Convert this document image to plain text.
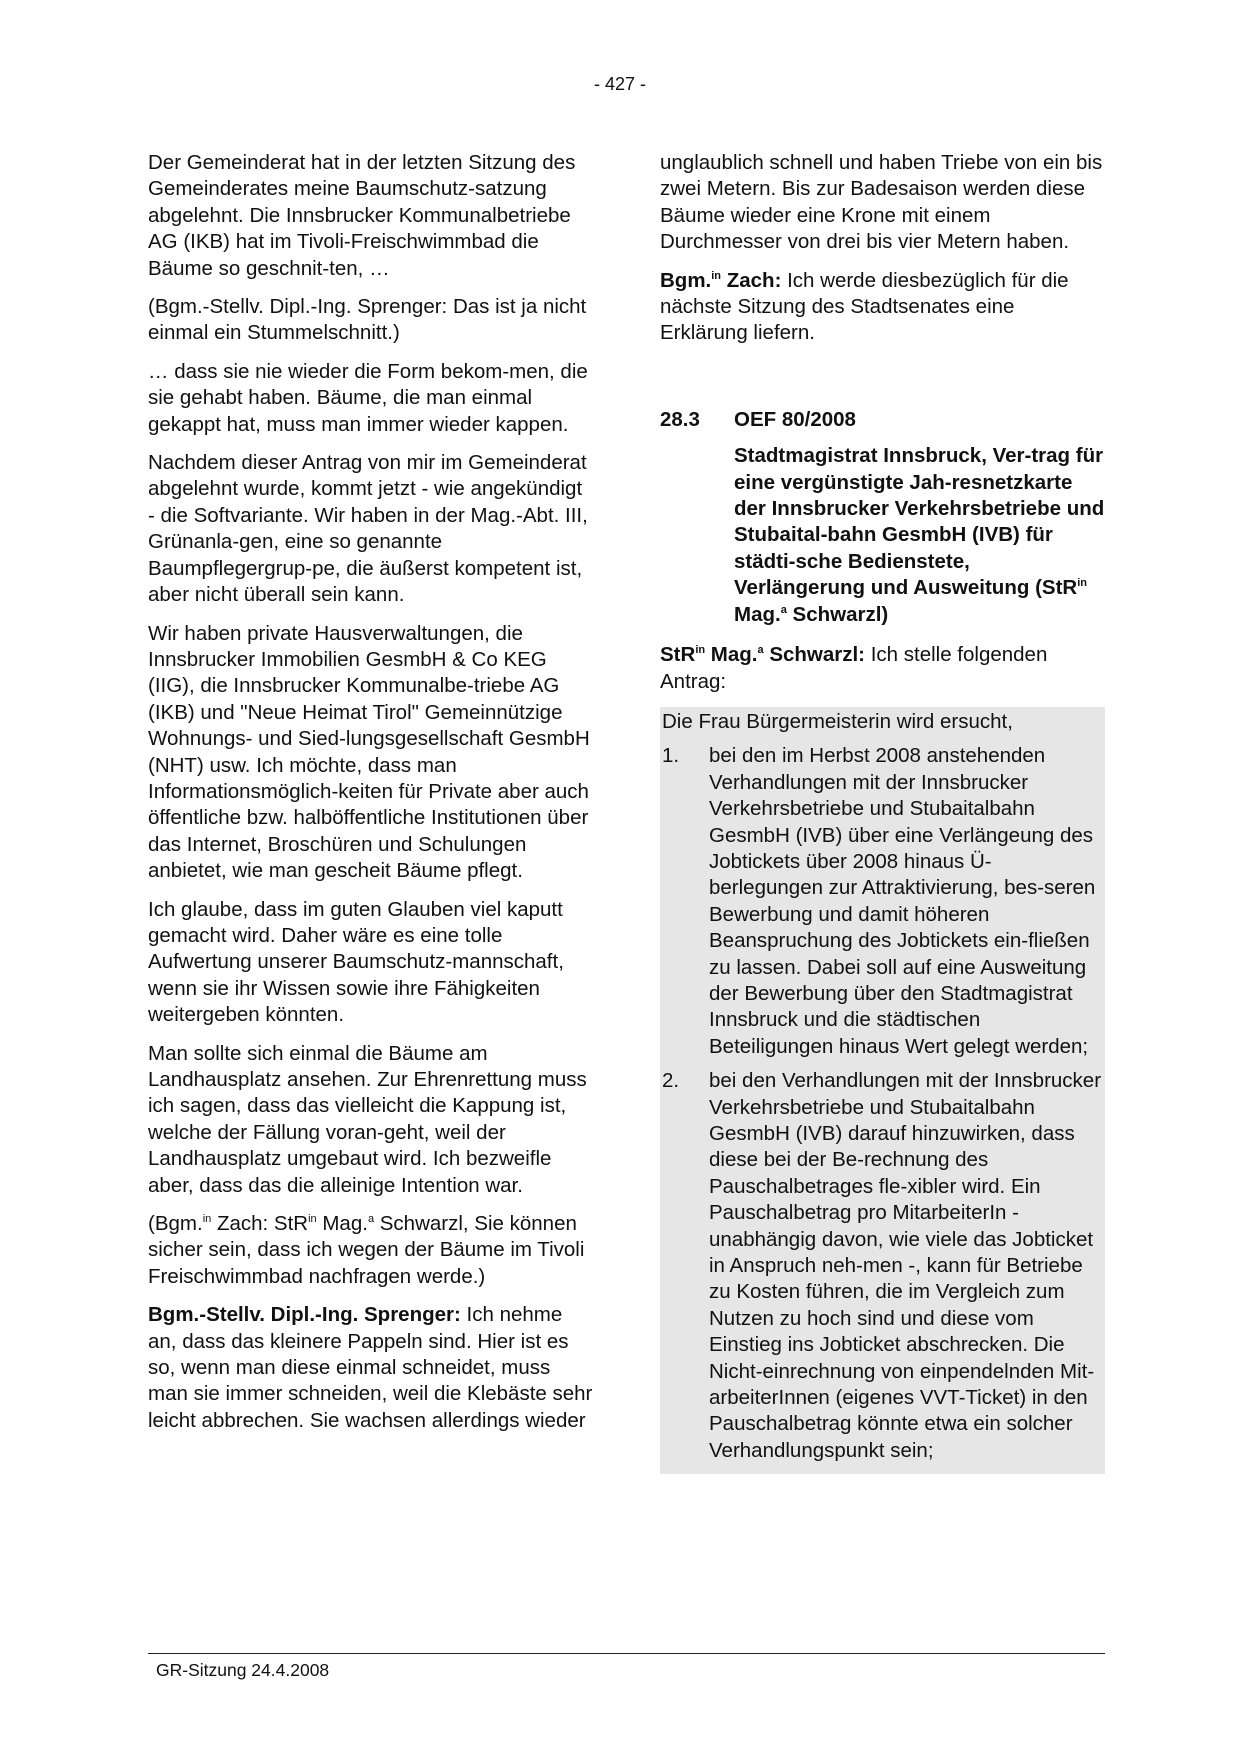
- 427 -

Der Gemeinderat hat in der letzten Sitzung des Gemeinderates meine Baumschutz-satzung abgelehnt. Die Innsbrucker Kommunalbetriebe AG (IKB) hat im Tivoli-Freischwimmbad die Bäume so geschnit-ten, …

(Bgm.-Stellv. Dipl.-Ing. Sprenger: Das ist ja nicht einmal ein Stummelschnitt.)

… dass sie nie wieder die Form bekom-men, die sie gehabt haben. Bäume, die man einmal gekappt hat, muss man immer wieder kappen.

Nachdem dieser Antrag von mir im Gemeinderat abgelehnt wurde, kommt jetzt - wie angekündigt - die Softvariante. Wir haben in der Mag.-Abt. III, Grünanla-gen, eine so genannte Baumpflegergrup-pe, die äußerst kompetent ist, aber nicht überall sein kann.

Wir haben private Hausverwaltungen, die Innsbrucker Immobilien GesmbH & Co KEG (IIG), die Innsbrucker Kommunalbe-triebe AG (IKB) und "Neue Heimat Tirol" Gemeinnützige Wohnungs- und Sied-lungsgesellschaft GesmbH (NHT) usw. Ich möchte, dass man Informationsmöglich-keiten für Private aber auch öffentliche bzw. halböffentliche Institutionen über das Internet, Broschüren und Schulungen anbietet, wie man gescheit Bäume pflegt.

Ich glaube, dass im guten Glauben viel kaputt gemacht wird. Daher wäre es eine tolle Aufwertung unserer Baumschutz-mannschaft, wenn sie ihr Wissen sowie ihre Fähigkeiten weitergeben könnten.

Man sollte sich einmal die Bäume am Landhausplatz ansehen. Zur Ehrenrettung muss ich sagen, dass das vielleicht die Kappung ist, welche der Fällung voran-geht, weil der Landhausplatz umgebaut wird. Ich bezweifle aber, dass das die alleinige Intention war.

(Bgm.$^{in}$ Zach: StR$^{in}$ Mag.$^a$ Schwarzl, Sie können sicher sein, dass ich wegen der Bäume im Tivoli Freischwimmbad nachfragen werde.)

Bgm.-Stellv. Dipl.-Ing. Sprenger: Ich nehme an, dass das kleinere Pappeln sind. Hier ist es so, wenn man diese einmal schneidet, muss man sie immer schneiden, weil die Klebäste sehr leicht abbrechen. Sie wachsen allerdings wieder

unglaublich schnell und haben Triebe von ein bis zwei Metern. Bis zur Badesaison werden diese Bäume wieder eine Krone mit einem Durchmesser von drei bis vier Metern haben.

Bgm.$^{in}$ Zach: Ich werde diesbezüglich für die nächste Sitzung des Stadtsenates eine Erklärung liefern.

28.3	OEF 80/2008
Stadtmagistrat Innsbruck, Ver-trag für eine vergünstigte Jah-resnetzkarte der Innsbrucker Verkehrsbetriebe und Stubaital-bahn GesmbH (IVB) für städti-sche Bedienstete, Verlängerung und Ausweitung (StR$^{in}$ Mag.$^a$ Schwarzl)

StR$^{in}$ Mag.$^a$ Schwarzl: Ich stelle folgenden Antrag:

Die Frau Bürgermeisterin wird ersucht,
1.	bei den im Herbst 2008 anstehenden Verhandlungen mit der Innsbrucker Verkehrsbetriebe und Stubaitalbahn GesmbH (IVB) über eine Verlängeung des Jobtickets über 2008 hinaus Ü-berlegungen zur Attraktivierung, bes-seren Bewerbung und damit höheren Beanspruchung des Jobtickets ein-fließen zu lassen. Dabei soll auf eine Ausweitung der Bewerbung über den Stadtmagistrat Innsbruck und die städtischen Beteiligungen hinaus Wert gelegt werden;
2.	bei den Verhandlungen mit der Innsbrucker Verkehrsbetriebe und Stubaitalbahn GesmbH (IVB) darauf hinzuwirken, dass diese bei der Be-rechnung des Pauschalbetrages fle-xibler wird. Ein Pauschalbetrag pro MitarbeiterIn - unabhängig davon, wie viele das Jobticket in Anspruch neh-men -, kann für Betriebe zu Kosten führen, die im Vergleich zum Nutzen zu hoch sind und diese vom Einstieg ins Jobticket abschrecken. Die Nicht-einrechnung von einpendelnden Mit-arbeiterInnen (eigenes VVT-Ticket) in den Pauschalbetrag könnte etwa ein solcher Verhandlungspunkt sein;
GR-Sitzung 24.4.2008
